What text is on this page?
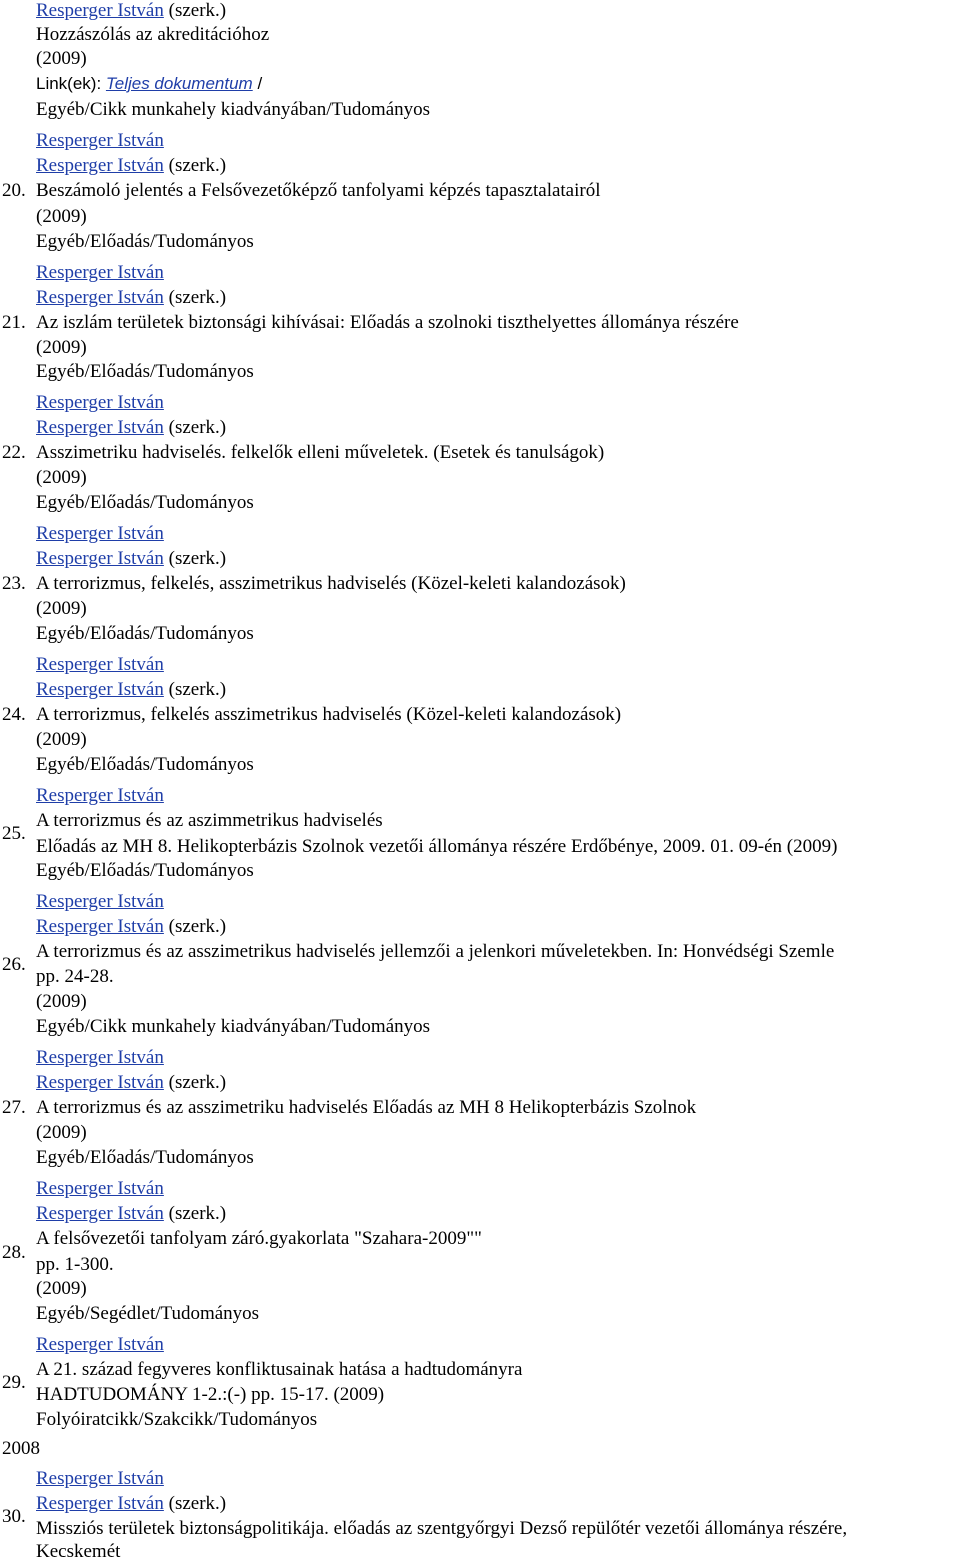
Resperger István (szerk.)
Hozzászólás az akreditációhoz
(2009)
Link(ek): Teljes dokumentum /
Egyéb/Cikk munkahely kiadványában/Tudományos
Resperger István
Resperger István (szerk.)
20. Beszámoló jelentés a Felsővezetőképző tanfolyami képzés tapasztalatairól
(2009)
Egyéb/Előadás/Tudományos
Resperger István
Resperger István (szerk.)
21. Az iszlám területek biztonsági kihívásai: Előadás a szolnoki tiszthelyettes állománya részére
(2009)
Egyéb/Előadás/Tudományos
Resperger István
Resperger István (szerk.)
22. Asszimetriku hadviselés. felkelők elleni műveletek. (Esetek és tanulságok)
(2009)
Egyéb/Előadás/Tudományos
Resperger István
Resperger István (szerk.)
23. A terrorizmus, felkelés, asszimetrikus hadviselés (Közel-keleti kalandozások)
(2009)
Egyéb/Előadás/Tudományos
Resperger István
Resperger István (szerk.)
24. A terrorizmus, felkelés asszimetrikus hadviselés (Közel-keleti kalandozások)
(2009)
Egyéb/Előadás/Tudományos
Resperger István
A terrorizmus és az aszimmetrikus hadviselés
25.
Előadás az MH 8. Helikopterbázis Szolnok vezetői állománya részére Erdőbénye, 2009. 01. 09-én (2009)
Egyéb/Előadás/Tudományos
Resperger István
Resperger István (szerk.)
A terrorizmus és az asszimetrikus hadviselés jellemzői a jelenkori műveletekben. In: Honvédségi Szemle
26.
pp. 24-28.
(2009)
Egyéb/Cikk munkahely kiadványában/Tudományos
Resperger István
Resperger István (szerk.)
27. A terrorizmus és az asszimetriku hadviselés Előadás az MH 8 Helikopterbázis Szolnok
(2009)
Egyéb/Előadás/Tudományos
Resperger István
Resperger István (szerk.)
A felsővezetői tanfolyam záró.gyakorlata "Szahara-2009""
28.
pp. 1-300.
(2009)
Egyéb/Segédlet/Tudományos
Resperger István
A 21. század fegyveres konfliktusainak hatása a hadtudományra
29.
HADTUDOMÁNY 1-2.:(-) pp. 15-17. (2009)
Folyóiratcikk/Szakcikk/Tudományos
2008
Resperger István
Resperger István (szerk.)
30.
Missziós területek biztonságpolitikája. előadás az szentgyőrgyi Dezső repülőtér vezetői állománya részére,
Kecskemét
